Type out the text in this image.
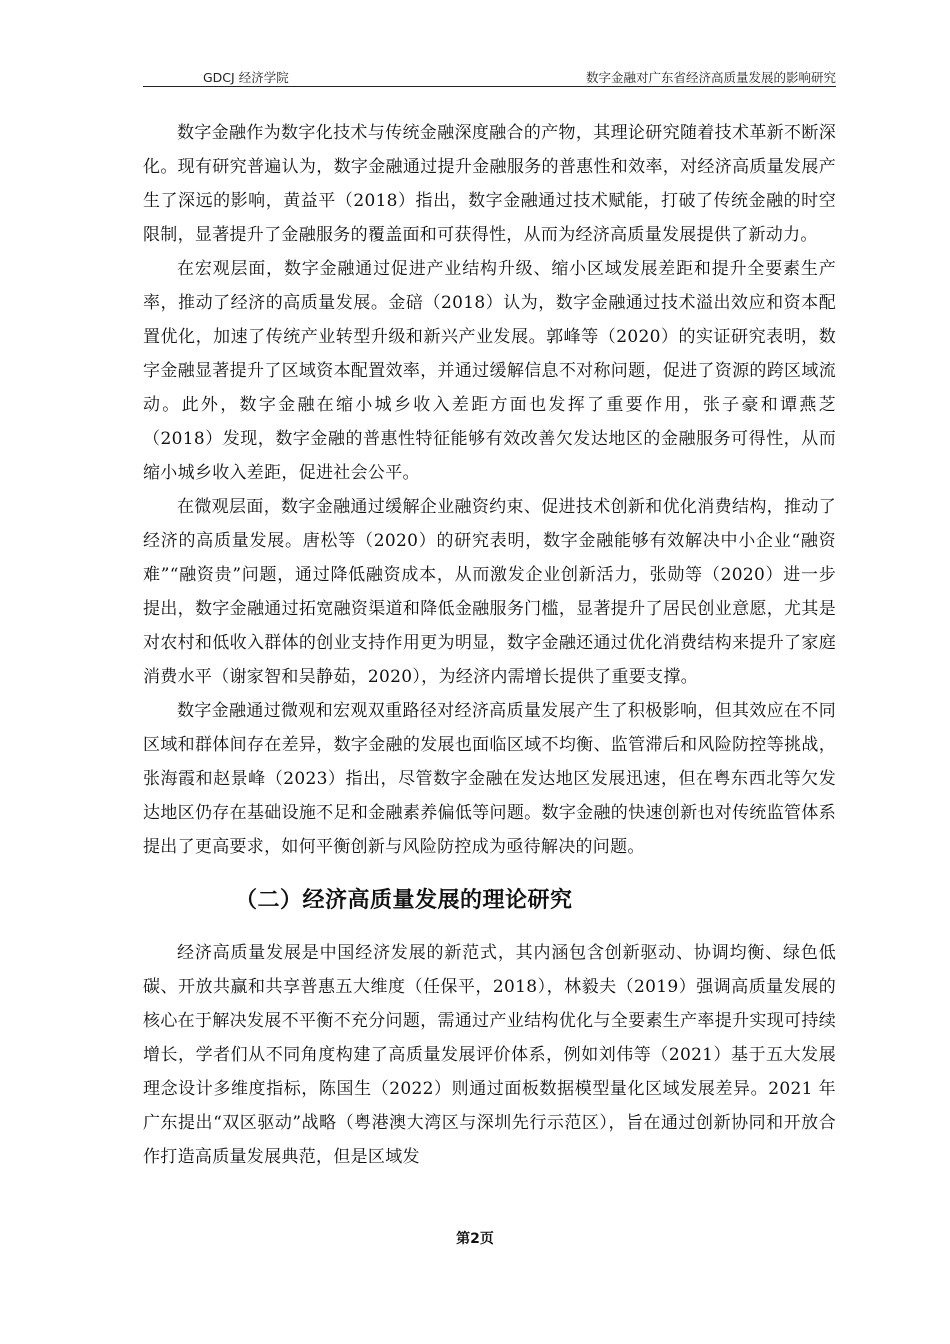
GDCJ 经济学院	数字金融对广东省经济高质量发展的影响研究

数字金融作为数字化技术与传统金融深度融合的产物，其理论研究随着技术革新不断深化。现有研究普遍认为，数字金融通过提升金融服务的普惠性和效率，对经济高质量发展产生了深远的影响，黄益平（2018）指出，数字金融通过技术赋能，打破了传统金融的时空限制，显著提升了金融服务的覆盖面和可获得性，从而为经济高质量发展提供了新动力。

在宏观层面，数字金融通过促进产业结构升级、缩小区域发展差距和提升全要素生产率，推动了经济的高质量发展。金碚（2018）认为，数字金融通过技术溢出效应和资本配置优化，加速了传统产业转型升级和新兴产业发展。郭峰等（2020）的实证研究表明，数字金融显著提升了区域资本配置效率，并通过缓解信息不对称问题，促进了资源的跨区域流动。此外，数字金融在缩小城乡收入差距方面也发挥了重要作用，张子豪和谭燕芝（2018）发现，数字金融的普惠性特征能够有效改善欠发达地区的金融服务可得性，从而缩小城乡收入差距，促进社会公平。

在微观层面，数字金融通过缓解企业融资约束、促进技术创新和优化消费结构，推动了经济的高质量发展。唐松等（2020）的研究表明，数字金融能够有效解决中小企业“融资难”“融资贵”问题，通过降低融资成本，从而激发企业创新活力，张勋等（2020）进一步提出，数字金融通过拓宽融资渠道和降低金融服务门槛，显著提升了居民创业意愿，尤其是对农村和低收入群体的创业支持作用更为明显，数字金融还通过优化消费结构来提升了家庭消费水平（谢家智和吴静茹，2020），为经济内需增长提供了重要支撑。

数字金融通过微观和宏观双重路径对经济高质量发展产生了积极影响，但其效应在不同区域和群体间存在差异，数字金融的发展也面临区域不均衡、监管滞后和风险防控等挑战，张海霞和赵景峰（2023）指出，尽管数字金融在发达地区发展迅速，但在粤东西北等欠发达地区仍存在基础设施不足和金融素养偏低等问题。数字金融的快速创新也对传统监管体系提出了更高要求，如何平衡创新与风险防控成为亟待解决的问题。

（二）经济高质量发展的理论研究

经济高质量发展是中国经济发展的新范式，其内涵包含创新驱动、协调均衡、绿色低碳、开放共赢和共享普惠五大维度（任保平，2018），林毅夫（2019）强调高质量发展的核心在于解决发展不平衡不充分问题，需通过产业结构优化与全要素生产率提升实现可持续增长，学者们从不同角度构建了高质量发展评价体系，例如刘伟等（2021）基于五大发展理念设计多维度指标，陈国生（2022）则通过面板数据模型量化区域发展差异。2021 年广东提出“双区驱动”战略（粤港澳大湾区与深圳先行示范区），旨在通过创新协同和开放合作打造高质量发展典范，但是区域发

第2页
